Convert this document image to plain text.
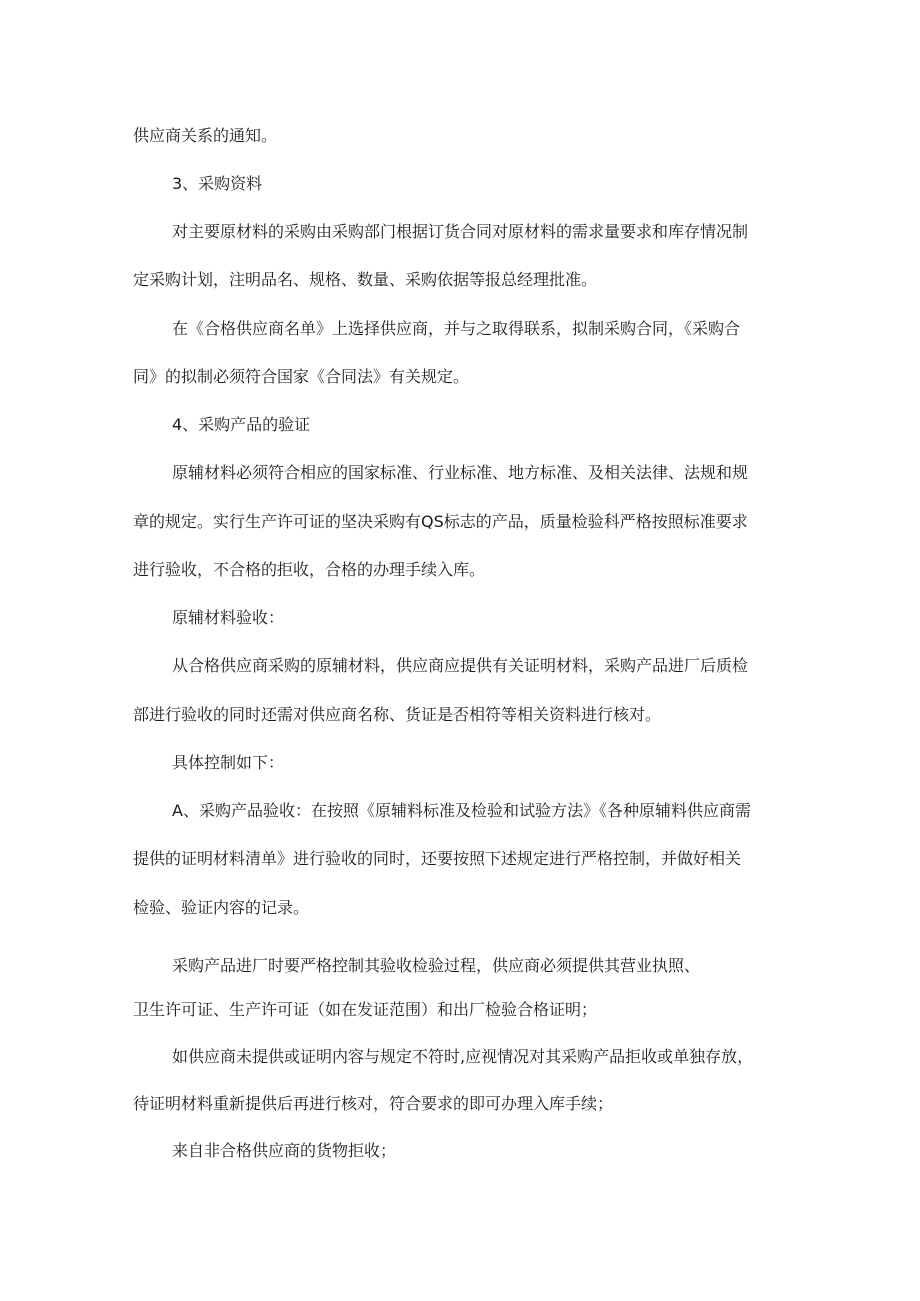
供应商关系的通知。

3、采购资料

对主要原材料的采购由采购部门根据订货合同对原材料的需求量要求和库存情况制

定采购计划，注明品名、规格、数量、采购依据等报总经理批准。

在《合格供应商名单》上选择供应商，并与之取得联系，拟制采购合同，《采购合

同》的拟制必须符合国家《合同法》有关规定。

4、采购产品的验证

原辅材料必须符合相应的国家标准、行业标准、地方标准、及相关法律、法规和规

章的规定。实行生产许可证的坚决采购有QS标志的产品，质量检验科严格按照标准要求

进行验收，不合格的拒收，合格的办理手续入库。

原辅材料验收：

从合格供应商采购的原辅材料，供应商应提供有关证明材料，采购产品进厂后质检

部进行验收的同时还需对供应商名称、货证是否相符等相关资料进行核对。

具体控制如下：

A、采购产品验收：在按照《原辅料标准及检验和试验方法》《各种原辅料供应商需

提供的证明材料清单》进行验收的同时，还要按照下述规定进行严格控制，并做好相关

检验、验证内容的记录。

采购产品进厂时要严格控制其验收检验过程，供应商必须提供其营业执照、

卫生许可证、生产许可证（如在发证范围）和出厂检验合格证明；

如供应商未提供或证明内容与规定不符时,应视情况对其采购产品拒收或单独存放，

待证明材料重新提供后再进行核对，符合要求的即可办理入库手续；

来自非合格供应商的货物拒收；
